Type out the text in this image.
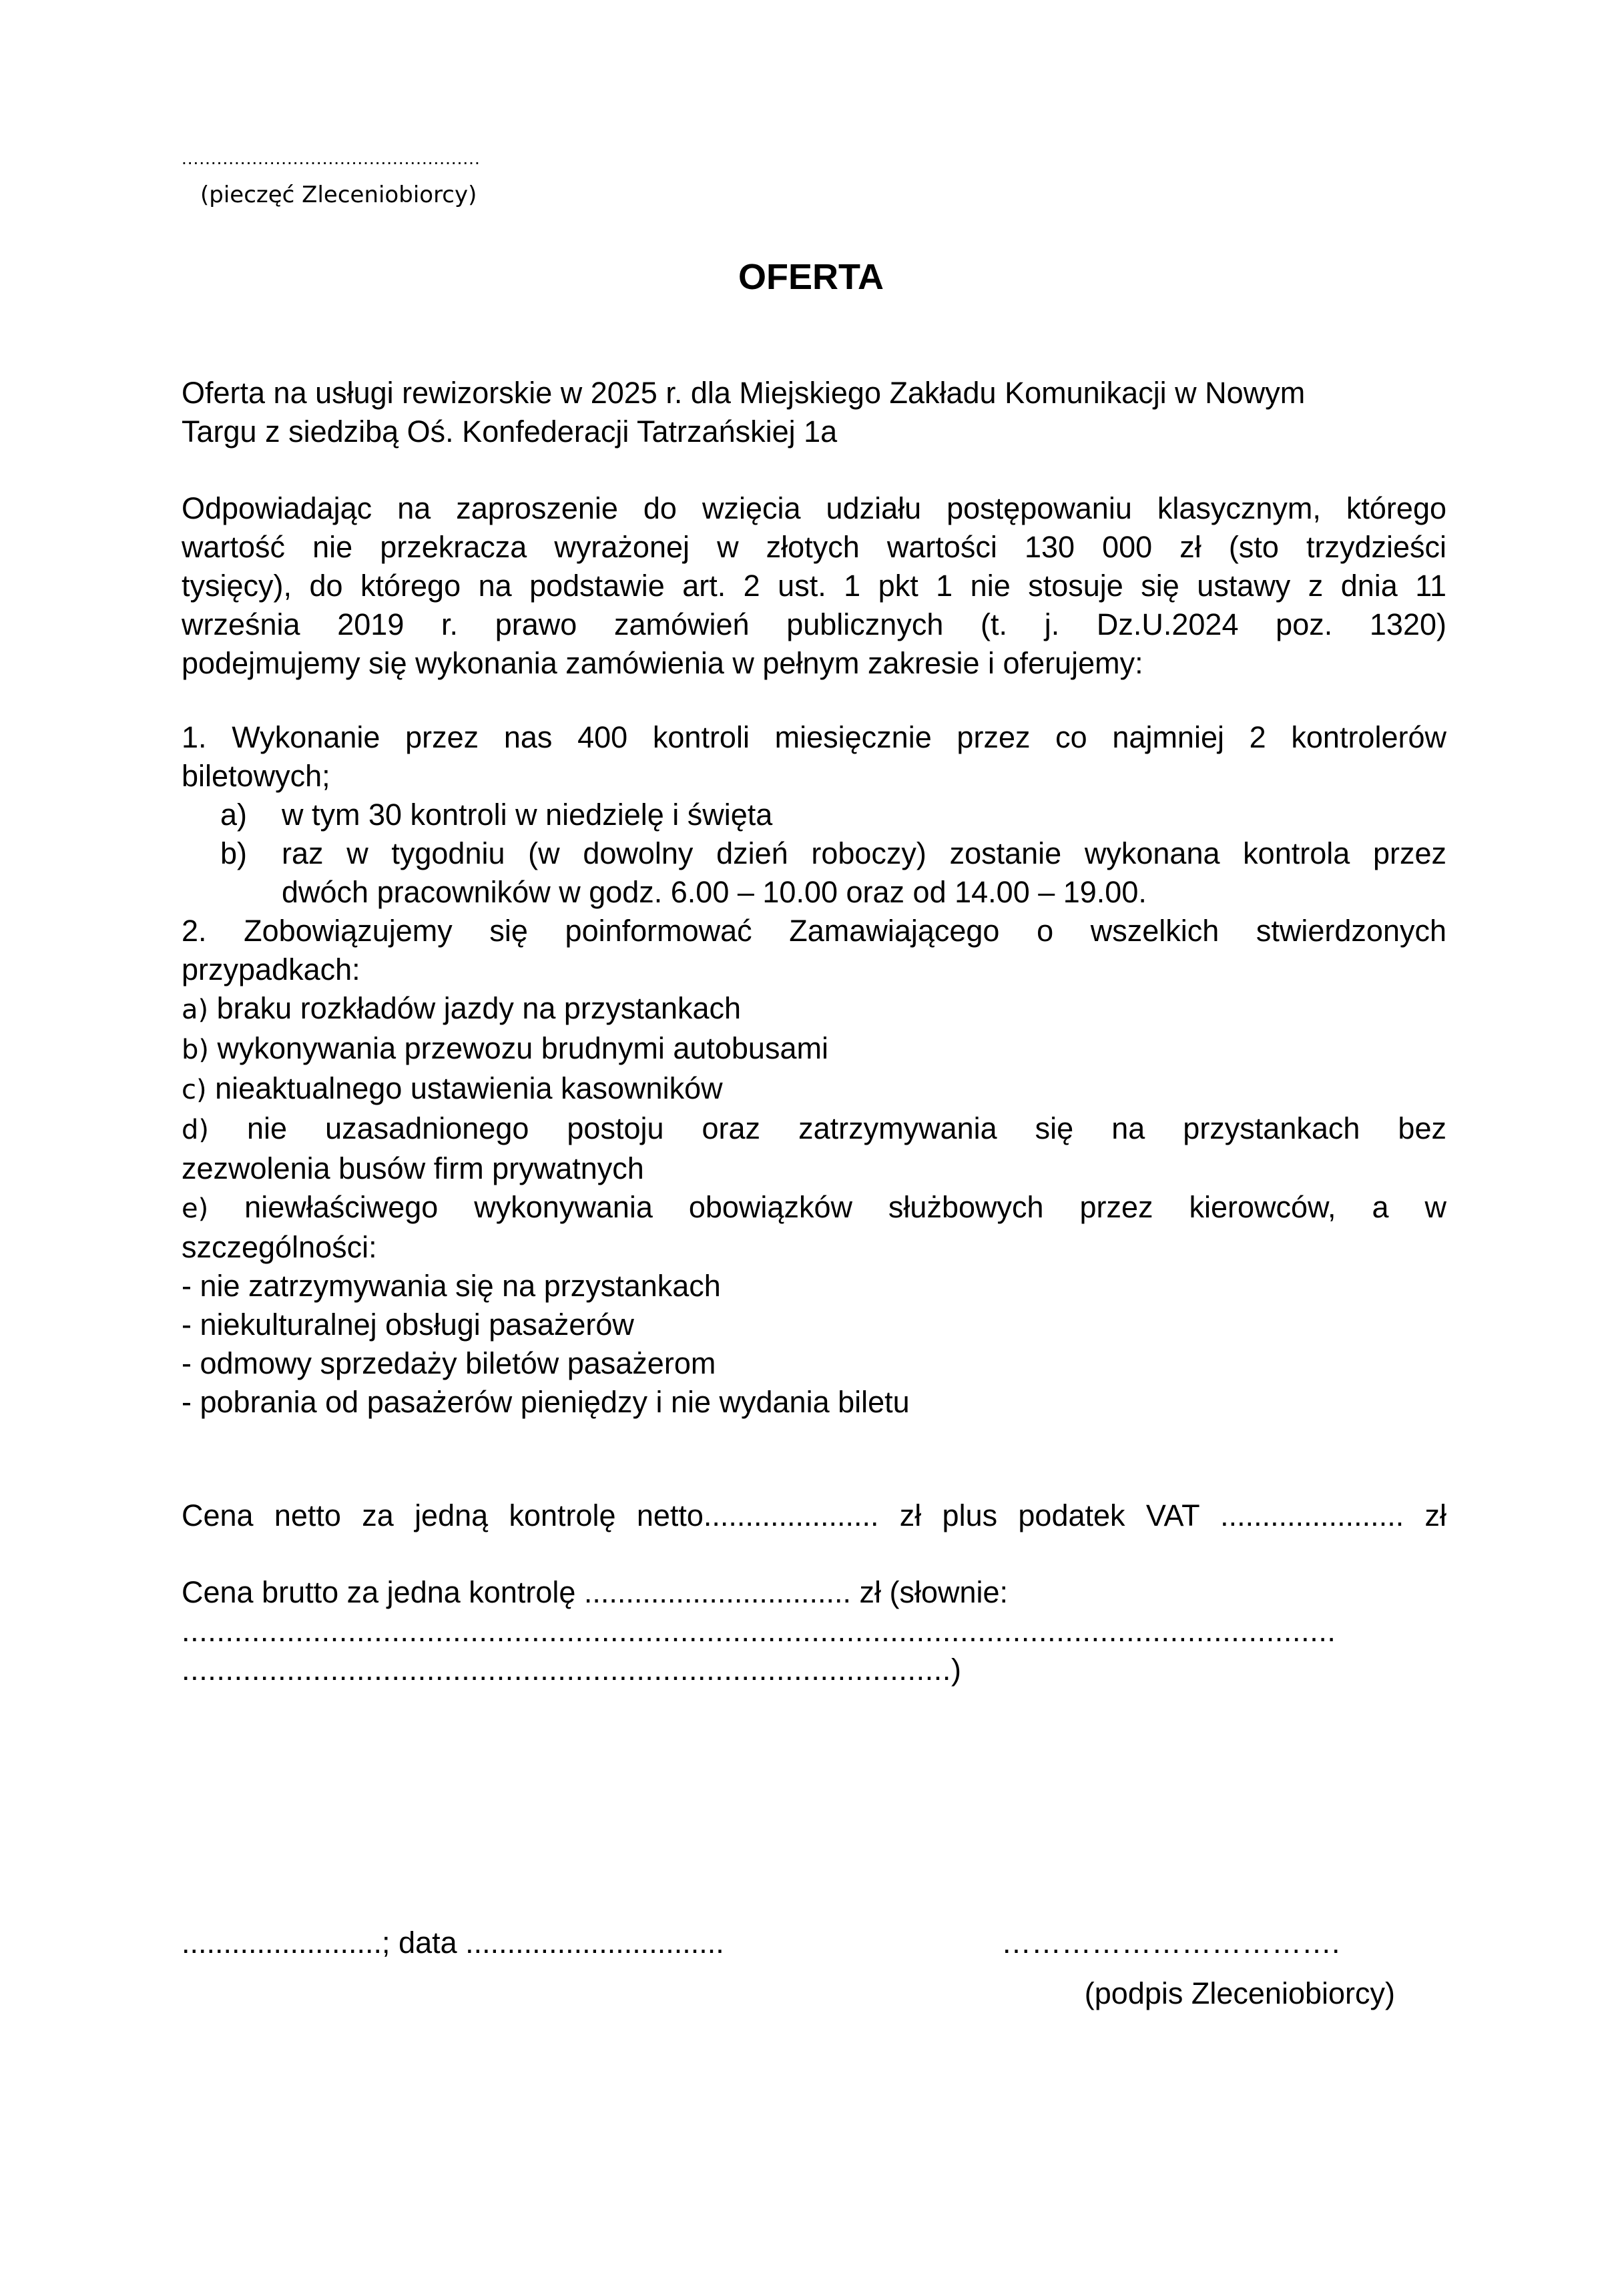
...................................................
(pieczęć Zleceniobiorcy)
OFERTA
Oferta na usługi rewizorskie w 2025 r. dla Miejskiego Zakładu Komunikacji w Nowym
Targu z siedzibą Oś. Konfederacji Tatrzańskiej 1a
Odpowiadając na zaproszenie do wzięcia udziału postępowaniu klasycznym, którego
wartość nie przekracza wyrażonej w złotych wartości 130 000 zł (sto trzydzieści
tysięcy), do którego na podstawie art. 2 ust. 1 pkt 1 nie stosuje się ustawy z dnia 11
września 2019 r. prawo zamówień publicznych (t. j. Dz.U.2024 poz. 1320)
podejmujemy się wykonania zamówienia w pełnym zakresie i oferujemy:
1. Wykonanie przez nas 400 kontroli miesięcznie przez co najmniej 2 kontrolerów
biletowych;
a) w tym 30 kontroli w niedzielę i święta
b) raz w tygodniu (w dowolny dzień roboczy) zostanie wykonana kontrola przez
dwóch pracowników w godz. 6.00 – 10.00 oraz od 14.00 – 19.00.
2. Zobowiązujemy się poinformować Zamawiającego o wszelkich stwierdzonych
przypadkach:
a) braku rozkładów jazdy na przystankach
b) wykonywania przewozu brudnymi autobusami
c) nieaktualnego ustawienia kasowników
d) nie uzasadnionego postoju oraz zatrzymywania się na przystankach bez
zezwolenia busów firm prywatnych
e) niewłaściwego wykonywania obowiązków służbowych przez kierowców, a w
szczególności:
- nie zatrzymywania się na przystankach
- niekulturalnej obsługi pasażerów
- odmowy sprzedaży biletów pasażerom
- pobrania od pasażerów pieniędzy i nie wydania biletu
Cena netto za jedną kontrolę netto..................... zł plus podatek VAT ...................... zł
Cena brutto za jedna kontrolę ................................ zł (słownie:
....................................................................................................................................
........................................................................................)
........................; data ...............................	…………………………….
(podpis Zleceniobiorcy)
